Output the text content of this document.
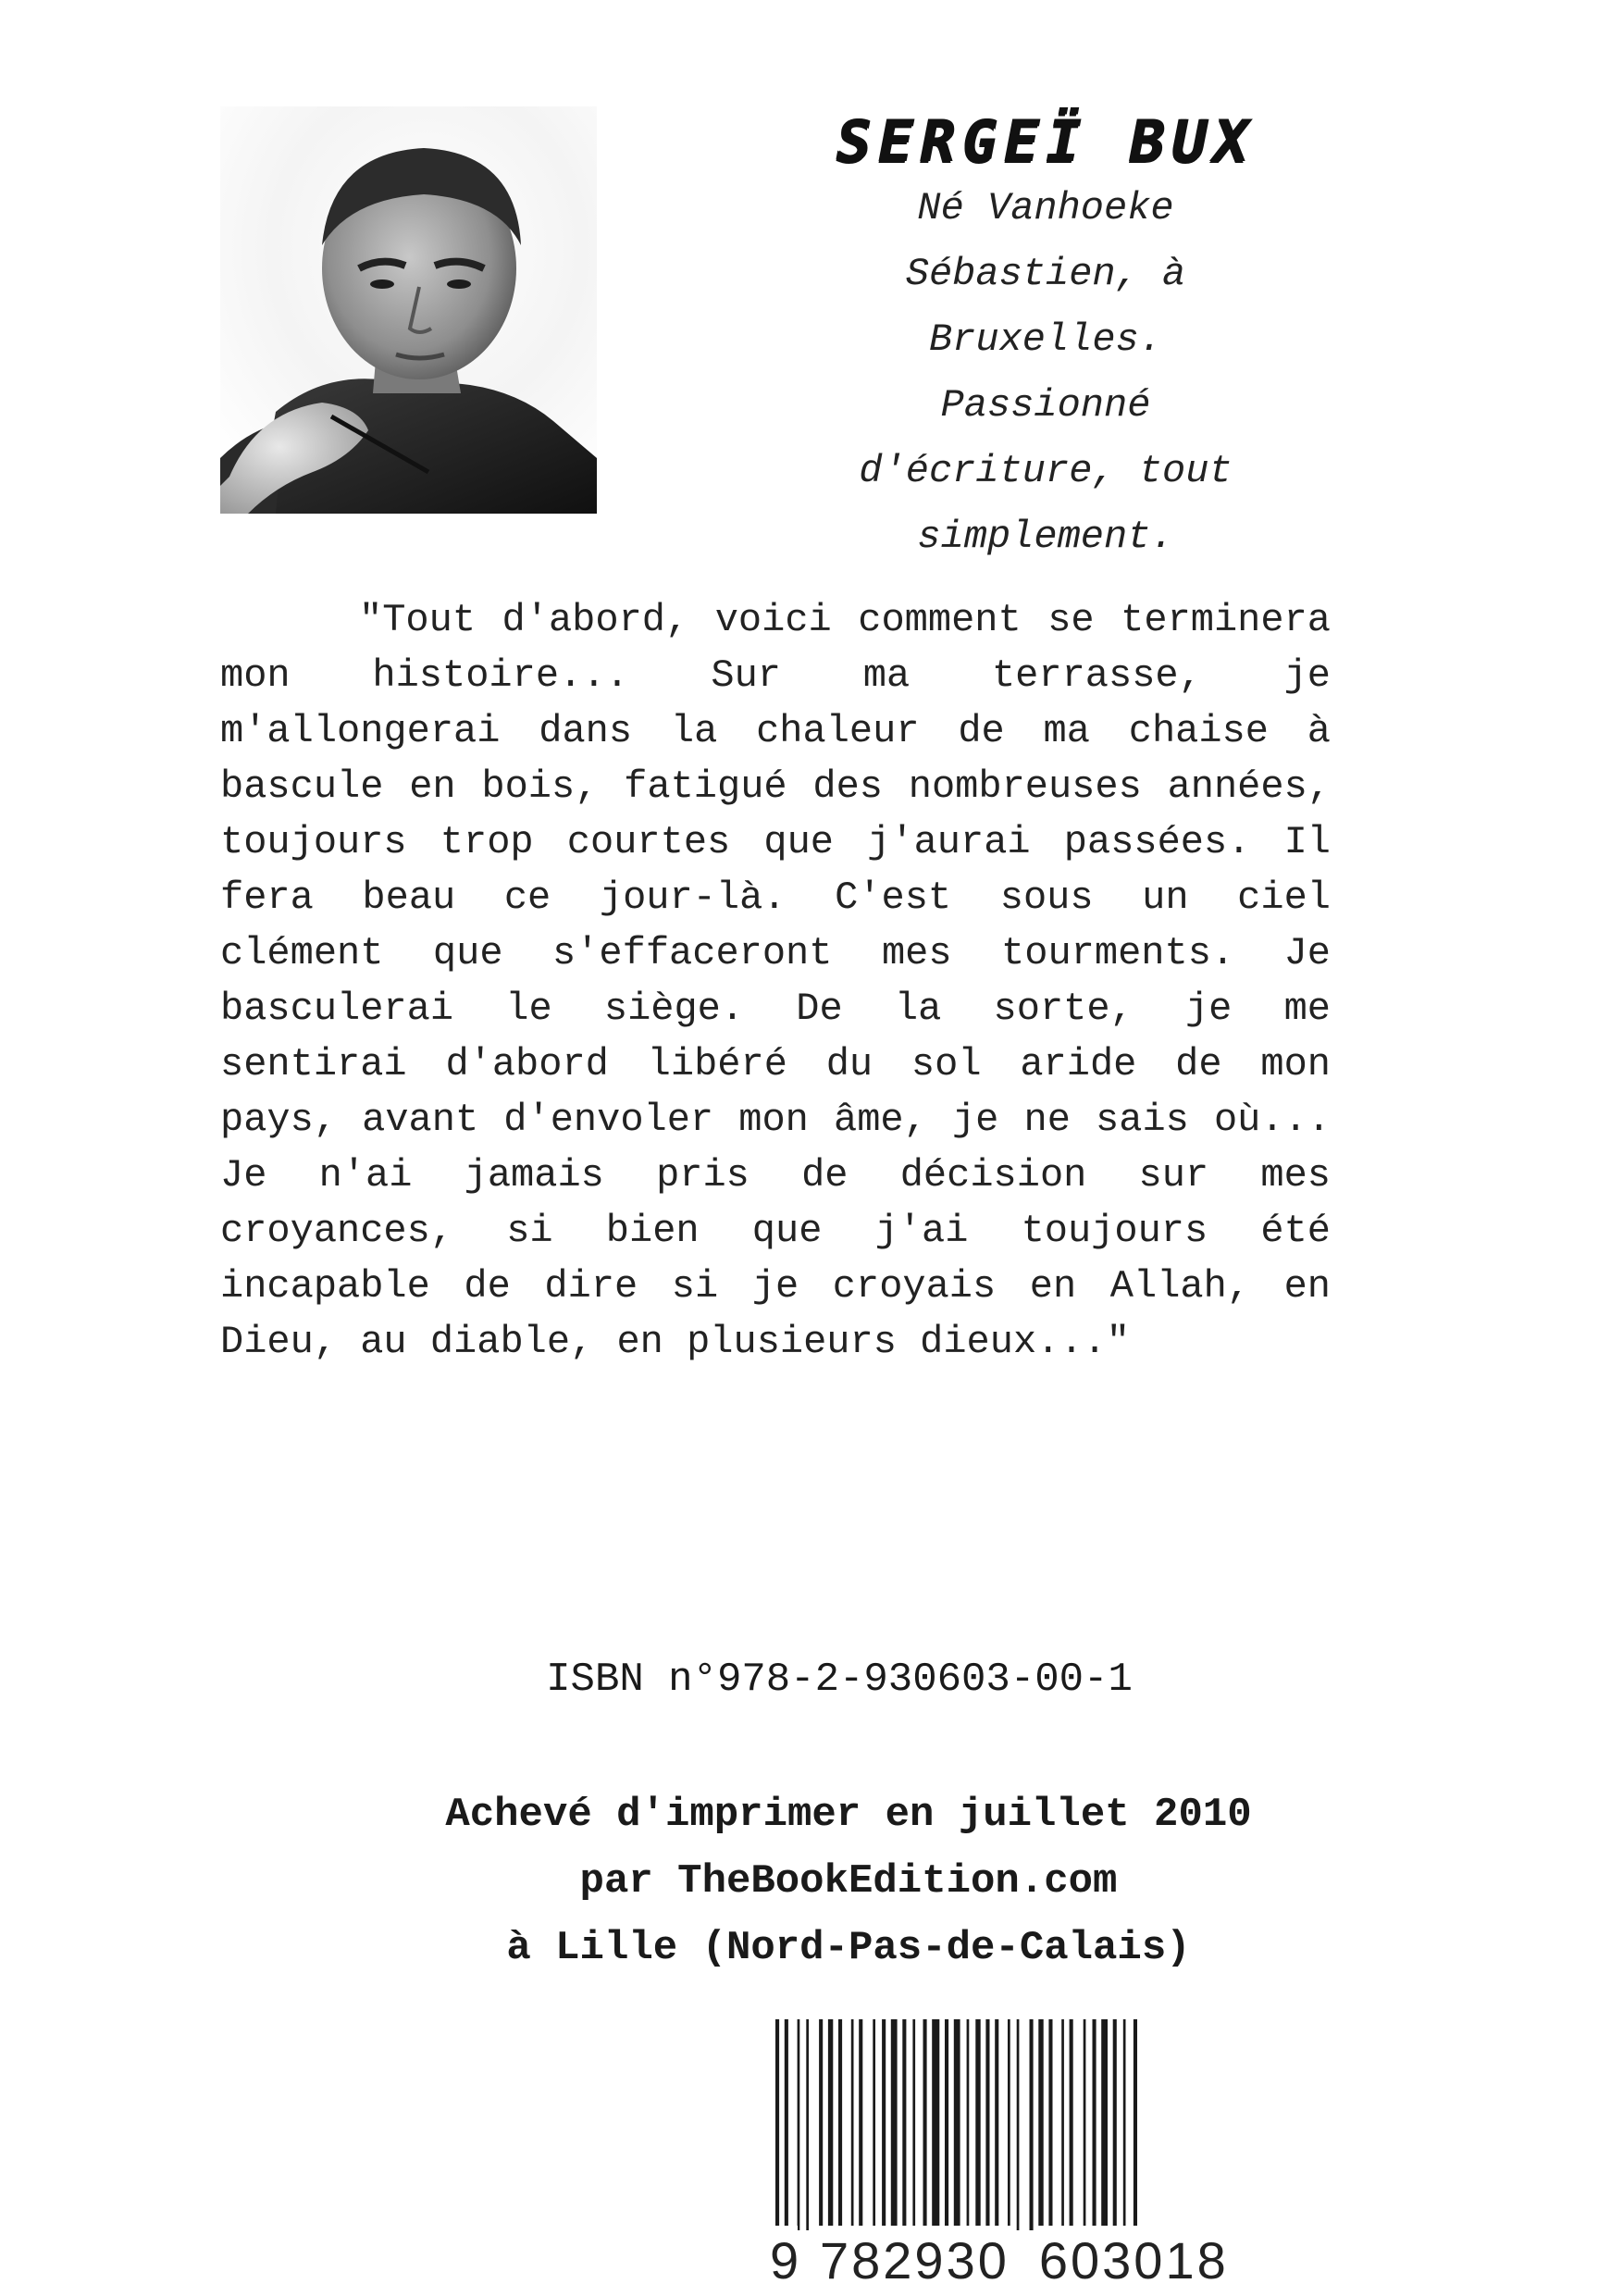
SERGEÏ BUX
Né Vanhoeke
Sébastien, à
Bruxelles.
Passionné
d'écriture, tout
simplement.

"Tout d'abord, voici comment se terminera mon histoire... Sur ma terrasse, je m'allongerai dans la chaleur de ma chaise à bascule en bois, fatigué des nombreuses années, toujours trop courtes que j'aurai passées. Il fera beau ce jour-là. C'est sous un ciel clément que s'effaceront mes tourments. Je basculerai le siège. De la sorte, je me sentirai d'abord libéré du sol aride de mon pays, avant d'envoler mon âme, je ne sais où... Je n'ai jamais pris de décision sur mes croyances, si bien que j'ai toujours été incapable de dire si je croyais en Allah, en Dieu, au diable, en plusieurs dieux..."

ISBN n°978-2-930603-00-1
Achevé d'imprimer en juillet 2010
par TheBookEdition.com
à Lille (Nord-Pas-de-Calais)
9 782930 603018
